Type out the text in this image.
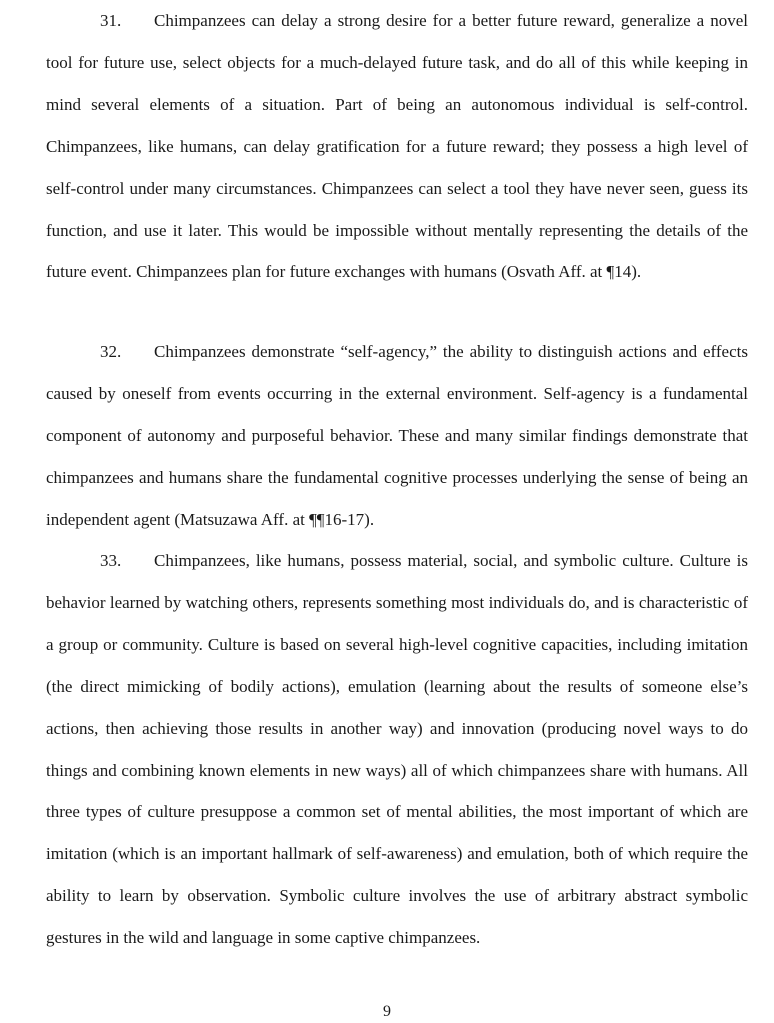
31. Chimpanzees can delay a strong desire for a better future reward, generalize a novel tool for future use, select objects for a much-delayed future task, and do all of this while keeping in mind several elements of a situation. Part of being an autonomous individual is self-control. Chimpanzees, like humans, can delay gratification for a future reward; they possess a high level of self-control under many circumstances. Chimpanzees can select a tool they have never seen, guess its function, and use it later. This would be impossible without mentally representing the details of the future event. Chimpanzees plan for future exchanges with humans (Osvath Aff. at ¶14).

32. Chimpanzees demonstrate “self-agency,” the ability to distinguish actions and effects caused by oneself from events occurring in the external environment. Self-agency is a fundamental component of autonomy and purposeful behavior. These and many similar findings demonstrate that chimpanzees and humans share the fundamental cognitive processes underlying the sense of being an independent agent (Matsuzawa Aff. at ¶¶16-17).

33. Chimpanzees, like humans, possess material, social, and symbolic culture. Culture is behavior learned by watching others, represents something most individuals do, and is characteristic of a group or community. Culture is based on several high-level cognitive capacities, including imitation (the direct mimicking of bodily actions), emulation (learning about the results of someone else’s actions, then achieving those results in another way) and innovation (producing novel ways to do things and combining known elements in new ways) all of which chimpanzees share with humans. All three types of culture presuppose a common set of mental abilities, the most important of which are imitation (which is an important hallmark of self-awareness) and emulation, both of which require the ability to learn by observation. Symbolic culture involves the use of arbitrary abstract symbolic gestures in the wild and language in some captive chimpanzees.

9
